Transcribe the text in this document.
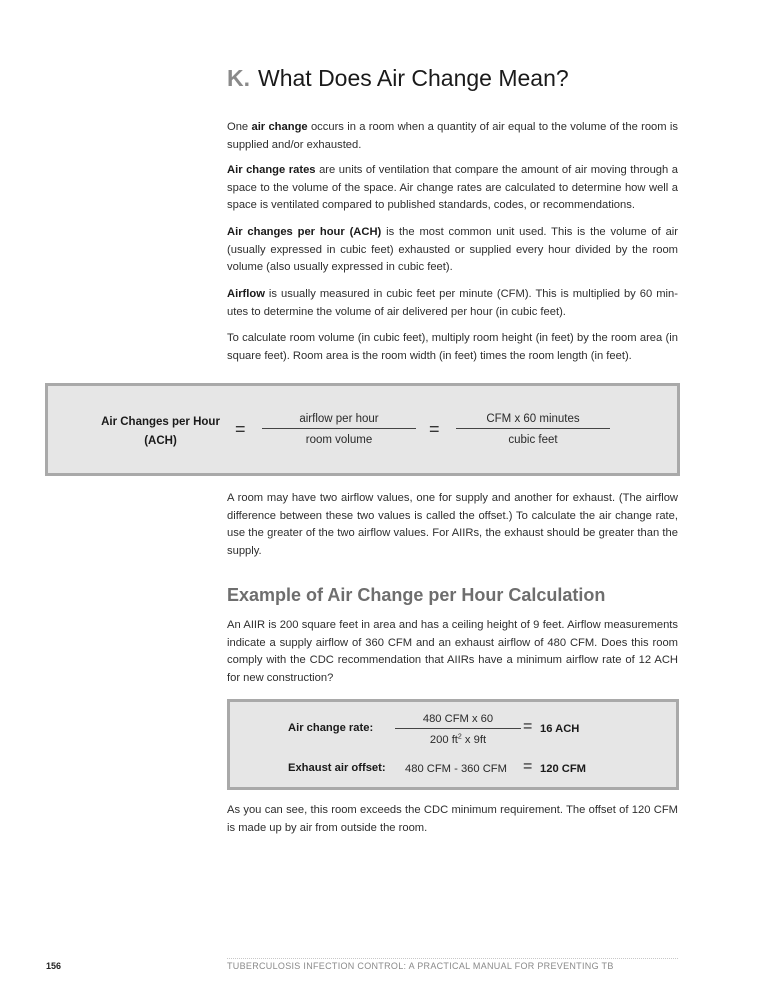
K. What Does Air Change Mean?

One air change occurs in a room when a quantity of air equal to the volume of the room is supplied and/or exhausted.

Air change rates are units of ventilation that compare the amount of air moving through a space to the volume of the space. Air change rates are calculated to determine how well a space is ventilated compared to published standards, codes, or recommendations.

Air changes per hour (ACH) is the most common unit used. This is the volume of air (usually expressed in cubic feet) exhausted or supplied every hour divided by the room volume (also usually expressed in cubic feet).

Airflow is usually measured in cubic feet per minute (CFM). This is multiplied by 60 min- utes to determine the volume of air delivered per hour (in cubic feet).

To calculate room volume (in cubic feet), multiply room height (in feet) by the room area (in square feet). Room area is the room width (in feet) times the room length (in feet).

Air Changes per Hour
(ACH)
=	airflow per hour
room volume
=	CFM x 60 minutes
cubic feet

A room may have two airflow values, one for supply and another for exhaust. (The airflow difference between these two values is called the offset.) To calculate the air change rate, use the greater of the two airflow values. For AIIRs, the exhaust should be greater than the supply.

Example of Air Change per Hour Calculation

An AIIR is 200 square feet in area and has a ceiling height of 9 feet. Airflow measurements indicate a supply airflow of 360 CFM and an exhaust airflow of 480 CFM. Does this room comply with the CDC recommendation that AIIRs have a minimum airflow rate of 12 ACH for new construction?

Air change rate:
480 CFM x 60
200 $ft^2$ x 9ft
= 16 ACH
Exhaust air offset: 480 CFM - 360 CFM = 120 CFM

As you can see, this room exceeds the CDC minimum requirement. The offset of 120 CFM is made up by air from outside the room.

156	TUBERCULOSIS INFECTION CONTROL: A PRACTICAL MANUAL FOR PREVENTING TB
